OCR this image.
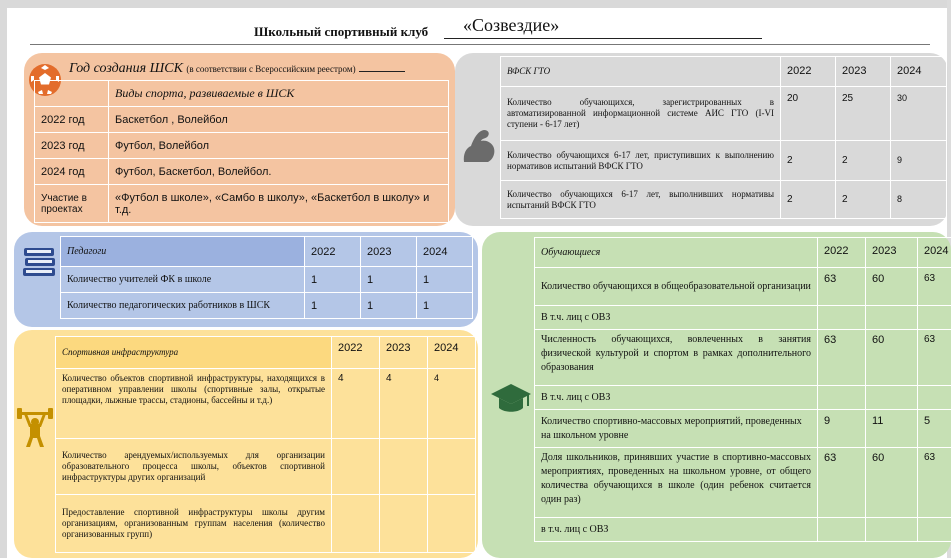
Школьный спортивный клуб «Созвездие»
Год создания ШСК (в соответствии с Всероссийским реестром)
	Виды спорта, развиваемые в ШСК
2022 год	Баскетбол , Волейбол
2023 год	Футбол, Волейбол
2024 год	Футбол, Баскетбол, Волейбол.
Участие в проектах	«Футбол в школе», «Самбо в школу», «Баскетбол в школу» и т.д.
ВФСК ГТО	2022	2023	2024
Количество обучающихся, зарегистрированных в автоматизированной информационной системе АИС ГТО (I-VI ступени - 6-17 лет)	20	25	30
Количество обучающихся 6-17 лет, приступивших к выполнению нормативов испытаний ВФСК ГТО	2	2	9
Количество обучающихся 6-17 лет, выполнивших нормативы испытаний ВФСК ГТО	2	2	8
Педагоги	2022	2023	2024
Количество учителей ФК в школе	1	1	1
Количество педагогических работников в ШСК	1	1	1
Спортивная инфраструктура	2022	2023	2024
Количество объектов спортивной инфраструктуры, находящихся в оперативном управлении школы (спортивные залы, открытые площадки, лыжные трассы, стадионы, бассейны и т.д.)	4	4	4
Количество арендуемых/используемых для организации образовательного процесса школы, объектов спортивной инфраструктуры других организаций			
Предоставление спортивной инфраструктуры школы другим организациям, организованным группам населения (количество организованных групп)			
Обучающиеся	2022	2023	2024
Количество обучающихся в общеобразовательной организации	63	60	63
В т.ч. лиц с ОВЗ			
Численность обучающихся, вовлеченных в занятия физической культурой и спортом в рамках дополнительного образования	63	60	63
В т.ч. лиц с ОВЗ			
Количество спортивно-массовых мероприятий, проведенных на школьном уровне	9	11	5
Доля школьников, принявших участие в спортивно-массовых мероприятиях, проведенных на школьном уровне, от общего количества обучающихся в школе (один ребенок считается один раз)	63	60	63
в т.ч. лиц с ОВЗ			
